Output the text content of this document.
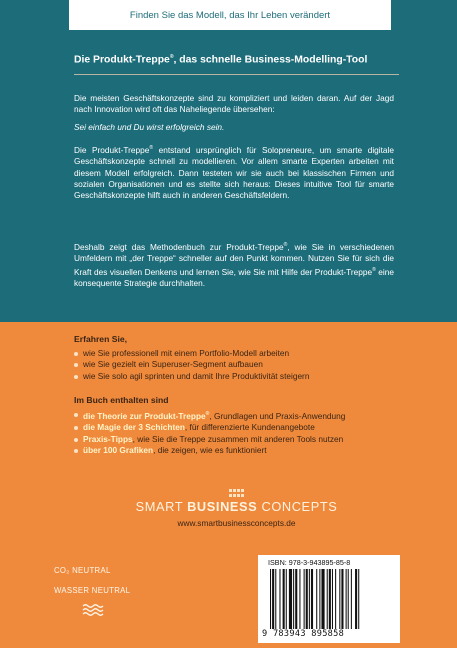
Finden Sie das Modell, das Ihr Leben verändert
Die Produkt-Treppe®, das schnelle Business-Modelling-Tool

Die meisten Geschäftskonzepte sind zu kompliziert und leiden daran. Auf der Jagd nach Innovation wird oft das Naheliegende übersehen:

Sei einfach und Du wirst erfolgreich sein.

Die Produkt-Treppe® entstand ursprünglich für Solopreneure, um smarte digitale Geschäftskonzepte schnell zu modellieren. Vor allem smarte Experten arbeiten mit diesem Modell erfolgreich. Dann testeten wir sie auch bei klassischen Firmen und sozialen Organisationen und es stellte sich heraus: Dieses intuitive Tool für smarte Geschäftskonzepte hilft auch in anderen Geschäftsfeldern.

Deshalb zeigt das Methodenbuch zur Produkt-Treppe®, wie Sie in verschiedenen Umfeldern mit „der Treppe“ schneller auf den Punkt kommen. Nutzen Sie für sich die Kraft des visuellen Denkens und lernen Sie, wie Sie mit Hilfe der Produkt-Treppe® eine konsequente Strategie durchhalten.

Erfahren Sie,
wie Sie professionell mit einem Portfolio-Modell arbeiten
wie Sie gezielt ein Superuser-Segment aufbauen
wie Sie solo agil sprinten und damit Ihre Produktivität steigern
Im Buch enthalten sind
die Theorie zur Produkt-Treppe®, Grundlagen und Praxis-Anwendung
die Magie der 3 Schichten, für differenzierte Kundenangebote
Praxis-Tipps, wie Sie die Treppe zusammen mit anderen Tools nutzen
über 100 Grafiken, die zeigen, wie es funktioniert
SMART BUSINESS CONCEPTS
www.smartbusinessconcepts.de
CO₂ NEUTRAL
WASSER NEUTRAL
ISBN: 978-3-943895-85-8
9 783943 895858
